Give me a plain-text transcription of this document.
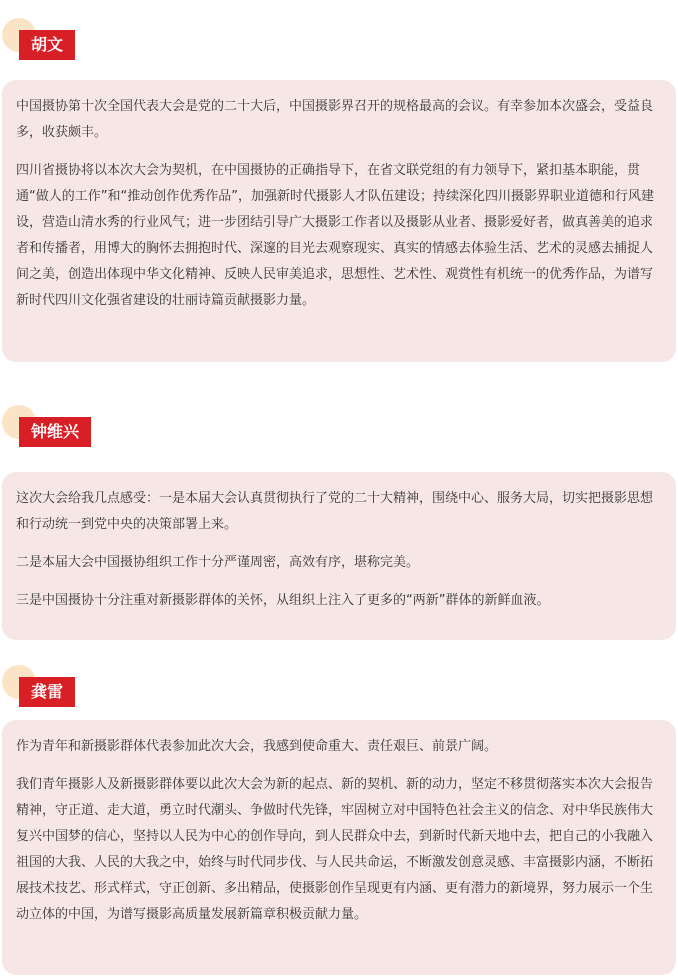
胡文

中国摄协第十次全国代表大会是党的二十大后，中国摄影界召开的规格最高的会议。有幸参加本次盛会，受益良多，收获颇丰。

四川省摄协将以本次大会为契机，在中国摄协的正确指导下，在省文联党组的有力领导下，紧扣基本职能，贯通“做人的工作”和“推动创作优秀作品”，加强新时代摄影人才队伍建设；持续深化四川摄影界职业道德和行风建设，营造山清水秀的行业风气；进一步团结引导广大摄影工作者以及摄影从业者、摄影爱好者，做真善美的追求者和传播者，用博大的胸怀去拥抱时代、深邃的目光去观察现实、真实的情感去体验生活、艺术的灵感去捕捉人间之美，创造出体现中华文化精神、反映人民审美追求，思想性、艺术性、观赏性有机统一的优秀作品，为谱写新时代四川文化强省建设的壮丽诗篇贡献摄影力量。

钟维兴

这次大会给我几点感受：一是本届大会认真贯彻执行了党的二十大精神，围绕中心、服务大局，切实把摄影思想和行动统一到党中央的决策部署上来。

二是本届大会中国摄协组织工作十分严谨周密，高效有序，堪称完美。

三是中国摄协十分注重对新摄影群体的关怀，从组织上注入了更多的“两新”群体的新鲜血液。

龚雷

作为青年和新摄影群体代表参加此次大会，我感到使命重大、责任艰巨、前景广阔。

我们青年摄影人及新摄影群体要以此次大会为新的起点、新的契机、新的动力，坚定不移贯彻落实本次大会报告精神，守正道、走大道，勇立时代潮头、争做时代先锋，牢固树立对中国特色社会主义的信念、对中华民族伟大复兴中国梦的信心，坚持以人民为中心的创作导向，到人民群众中去，到新时代新天地中去，把自己的小我融入祖国的大我、人民的大我之中，始终与时代同步伐、与人民共命运，不断激发创意灵感、丰富摄影内涵，不断拓展技术技艺、形式样式，守正创新、多出精品，使摄影创作呈现更有内涵、更有潜力的新境界，努力展示一个生动立体的中国，为谱写摄影高质量发展新篇章积极贡献力量。
